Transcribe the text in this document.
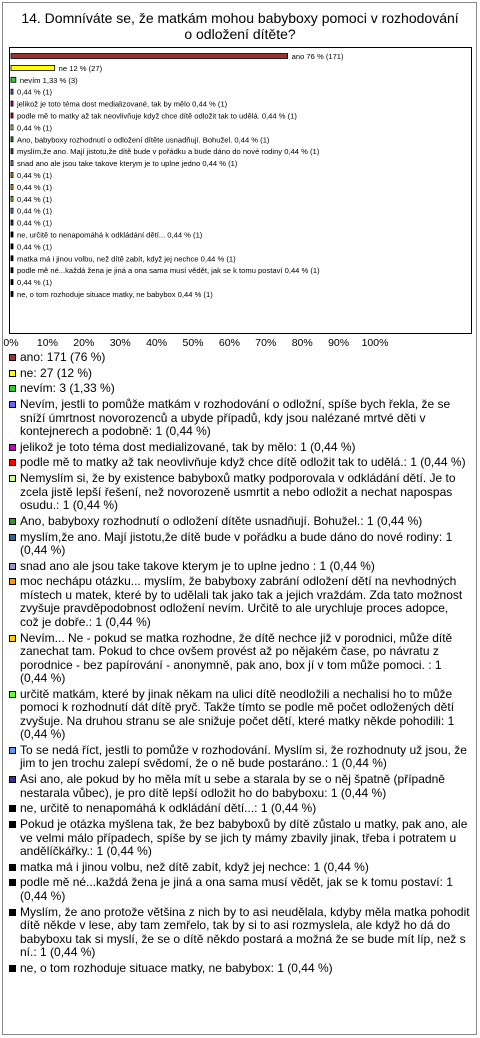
14. Domníváte se, že matkám mohou babyboxy pomoci v rozhodování o odložení dítěte?
ano 76 % (171)
ne 12 % (27)
nevím 1,33 % (3)
0,44 % (1)
jelikož je toto téma dost medializované, tak by mělo 0,44 % (1)
podle mě to matky až tak neovlivňuje když chce dítě odložit tak to udělá. 0,44 % (1)
0,44 % (1)
Ano, babyboxy rozhodnutí o odložení dítěte usnadňují. Bohužel. 0,44 % (1)
myslím,že ano. Mají jistotu,že dítě bude v pořádku a bude dáno do nové rodiny 0,44 % (1)
snad ano ale jsou take takove kterym je to uplne jedno 0,44 % (1)
0,44 % (1)
0,44 % (1)
0,44 % (1)
0,44 % (1)
0,44 % (1)
ne, určitě to nenapomáhá k odkládání dětí... 0,44 % (1)
0,44 % (1)
matka má i jinou volbu, než dítě zabít, když jej nechce 0,44 % (1)
podle mě né...každá žena je jiná a ona sama musí vědět, jak se k tomu postaví 0,44 % (1)
0,44 % (1)
ne, o tom rozhoduje situace matky, ne babybox 0,44 % (1)
0% 10% 20% 30% 40% 50% 60% 70% 80% 90% 100%
ano: 171 (76 %)
ne: 27 (12 %)
nevím: 3 (1,33 %)
Nevím, jestli to pomůže matkám v rozhodování o odložní, spíše bych řekla, že se sníží úmrtnost novorozenců a ubyde případů, kdy jsou nalézané mrtvé děti v kontejnerech a podobně: 1 (0,44 %)
jelikož je toto téma dost medializované, tak by mělo: 1 (0,44 %)
podle mě to matky až tak neovlivňuje když chce dítě odložit tak to udělá.: 1 (0,44 %)
Nemyslím si, že by existence babyboxů matky podporovala v odkládání dětí. Je to zcela jistě lepší řešení, než novorozeně usmrtit a nebo odložit a nechat napospas osudu.: 1 (0,44 %)
Ano, babyboxy rozhodnutí o odložení dítěte usnadňují. Bohužel.: 1 (0,44 %)
myslím,že ano. Mají jistotu,že dítě bude v pořádku a bude dáno do nové rodiny: 1 (0,44 %)
snad ano ale jsou take takove kterym je to uplne jedno : 1 (0,44 %)
moc nechápu otázku... myslím, že babyboxy zabrání odložení dětí na nevhodných místech u matek, které by to udělali tak jako tak a jejich vraždám. Zda tato možnost zvyšuje pravděpodobnost odložení nevím. Určitě to ale urychluje proces adopce, což je dobře.: 1 (0,44 %)
Nevím... Ne - pokud se matka rozhodne, že dítě nechce již v porodnici, může dítě zanechat tam. Pokud to chce ovšem provést až po nějakém čase, po návratu z porodnice - bez papírování - anonymně, pak ano, box jí v tom může pomoci. : 1 (0,44 %)
určitě matkám, které by jinak někam na ulici dítě neodložili a nechalisi ho to může pomoci k rozhodnutí dát dítě pryč. Takže tímto se podle mě počet odložených dětí zvyšuje. Na druhou stranu se ale snižuje počet dětí, které matky někde pohodili: 1 (0,44 %)
To se nedá říct, jestli to pomůže v rozhodování. Myslím si, že rozhodnuty už jsou, že jim to jen trochu zalepí svědomí, že o ně bude postaráno.: 1 (0,44 %)
Asi ano, ale pokud by ho měla mít u sebe a starala by se o něj špatně (případně nestarala vůbec), je pro dítě lepší odložit ho do babyboxu: 1 (0,44 %)
ne, určitě to nenapomáhá k odkládání dětí...: 1 (0,44 %)
Pokud je otázka myšlena tak, že bez babyboxů by dítě zůstalo u matky, pak ano, ale ve velmi málo případech, spíše by se jich ty mámy zbavily jinak, třeba i potratem u andělíčkářky.: 1 (0,44 %)
matka má i jinou volbu, než dítě zabít, když jej nechce: 1 (0,44 %)
podle mě né...každá žena je jiná a ona sama musí vědět, jak se k tomu postaví: 1 (0,44 %)
Myslím, že ano protože většina z nich by to asi neudělala, kdyby měla matka pohodit dítě někde v lese, aby tam zemřelo, tak by si to asi rozmyslela, ale když ho dá do babyboxu tak si myslí, že se o dítě někdo postará a možná že se bude mít líp, než s ní.: 1 (0,44 %)
ne, o tom rozhoduje situace matky, ne babybox: 1 (0,44 %)
